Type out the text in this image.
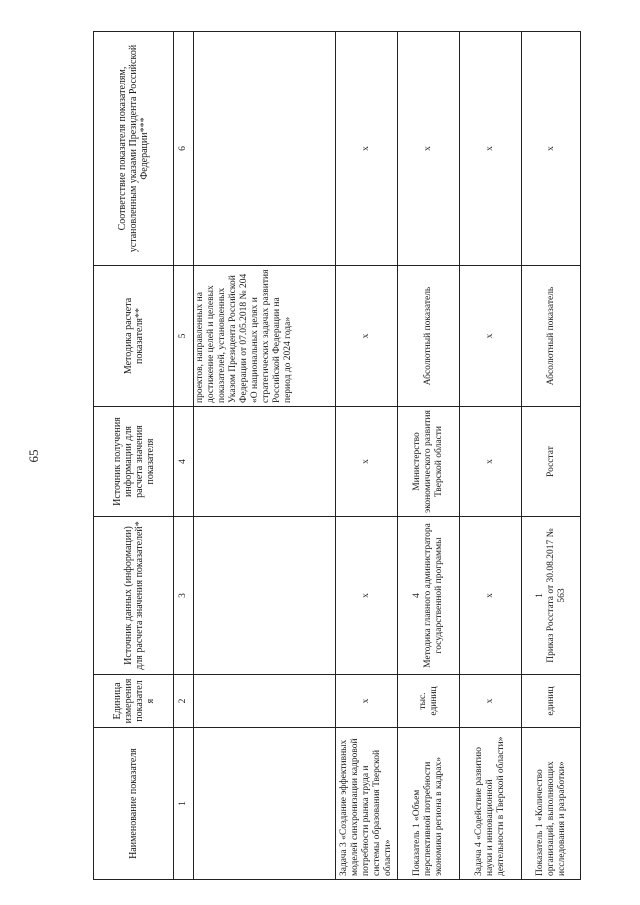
65
Наименование показателя	Единица измерения показателя	Источник данных (информации) для расчета значения показателей*	Источник получения информации для расчета значения показателя	Методика расчета показателя**	Соответствие показателя показателям, установленным указами Президента Российской Федерации***
1	2	3	4	5	6
				проектов, направленных на достижение целей и целевых показателей, установленных Указом Президента Российской Федерации от 07.05.2018 № 204 «О национальных целях и стратегических задачах развития Российской Федерации на период до 2024 года»	
Задача 3 «Создание эффективных моделей синхронизации кадровой потребности рынка труда и системы образования Тверской области»	х	х	х	х	х
Показатель 1 «Объем перспективной потребности экономики региона в кадрах»	тыс. единиц	4 Методика главного администратора государственной программы	Министерство экономического развития Тверской области	Абсолютный показатель	х
Задача 4 «Содействие развитию науки и инновационной деятельности в Тверской области»	х	х	х	х	х
Показатель 1 «Количество организаций, выполняющих исследования и разработки»	единиц	1 Приказ Росстата от 30.08.2017 № 563	Росстат	Абсолютный показатель	х
